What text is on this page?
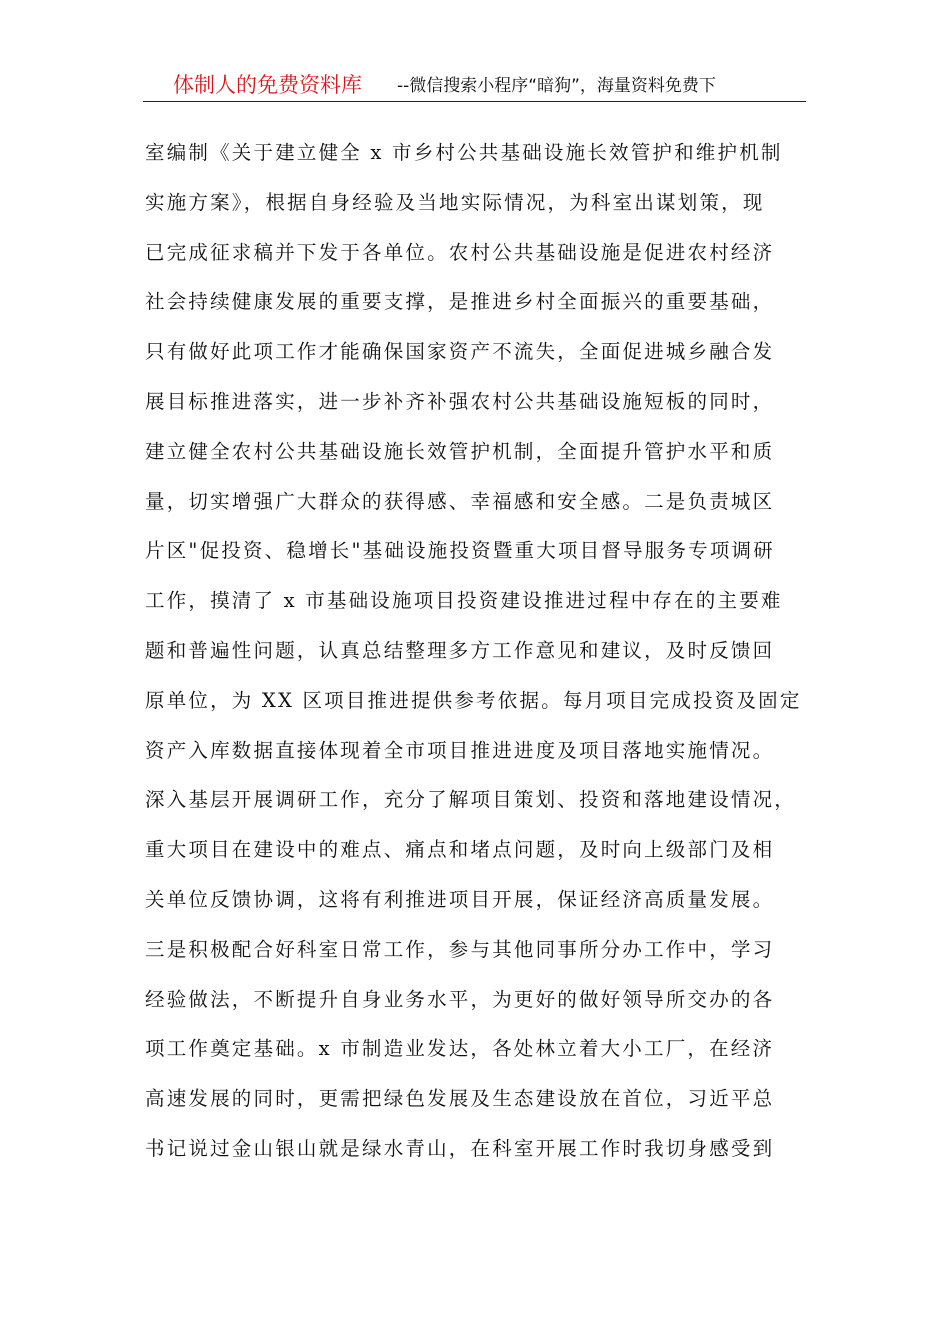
体制人的免费资料库 --微信搜索小程序“暗狗”，海量资料免费下
室编制《关于建立健全 x 市乡村公共基础设施长效管护和维护机制
实施方案》，根据自身经验及当地实际情况，为科室出谋划策，现
已完成征求稿并下发于各单位。农村公共基础设施是促进农村经济
社会持续健康发展的重要支撑，是推进乡村全面振兴的重要基础，
只有做好此项工作才能确保国家资产不流失，全面促进城乡融合发
展目标推进落实，进一步补齐补强农村公共基础设施短板的同时，
建立健全农村公共基础设施长效管护机制，全面提升管护水平和质
量，切实增强广大群众的获得感、幸福感和安全感。二是负责城区
片区"促投资、稳增长"基础设施投资暨重大项目督导服务专项调研
工作，摸清了 x 市基础设施项目投资建设推进过程中存在的主要难
题和普遍性问题，认真总结整理多方工作意见和建议，及时反馈回
原单位，为 XX 区项目推进提供参考依据。每月项目完成投资及固定
资产入库数据直接体现着全市项目推进进度及项目落地实施情况。
深入基层开展调研工作，充分了解项目策划、投资和落地建设情况，
重大项目在建设中的难点、痛点和堵点问题，及时向上级部门及相
关单位反馈协调，这将有利推进项目开展，保证经济高质量发展。
三是积极配合好科室日常工作，参与其他同事所分办工作中，学习
经验做法，不断提升自身业务水平，为更好的做好领导所交办的各
项工作奠定基础。x 市制造业发达，各处林立着大小工厂，在经济
高速发展的同时，更需把绿色发展及生态建设放在首位，习近平总
书记说过金山银山就是绿水青山，在科室开展工作时我切身感受到
